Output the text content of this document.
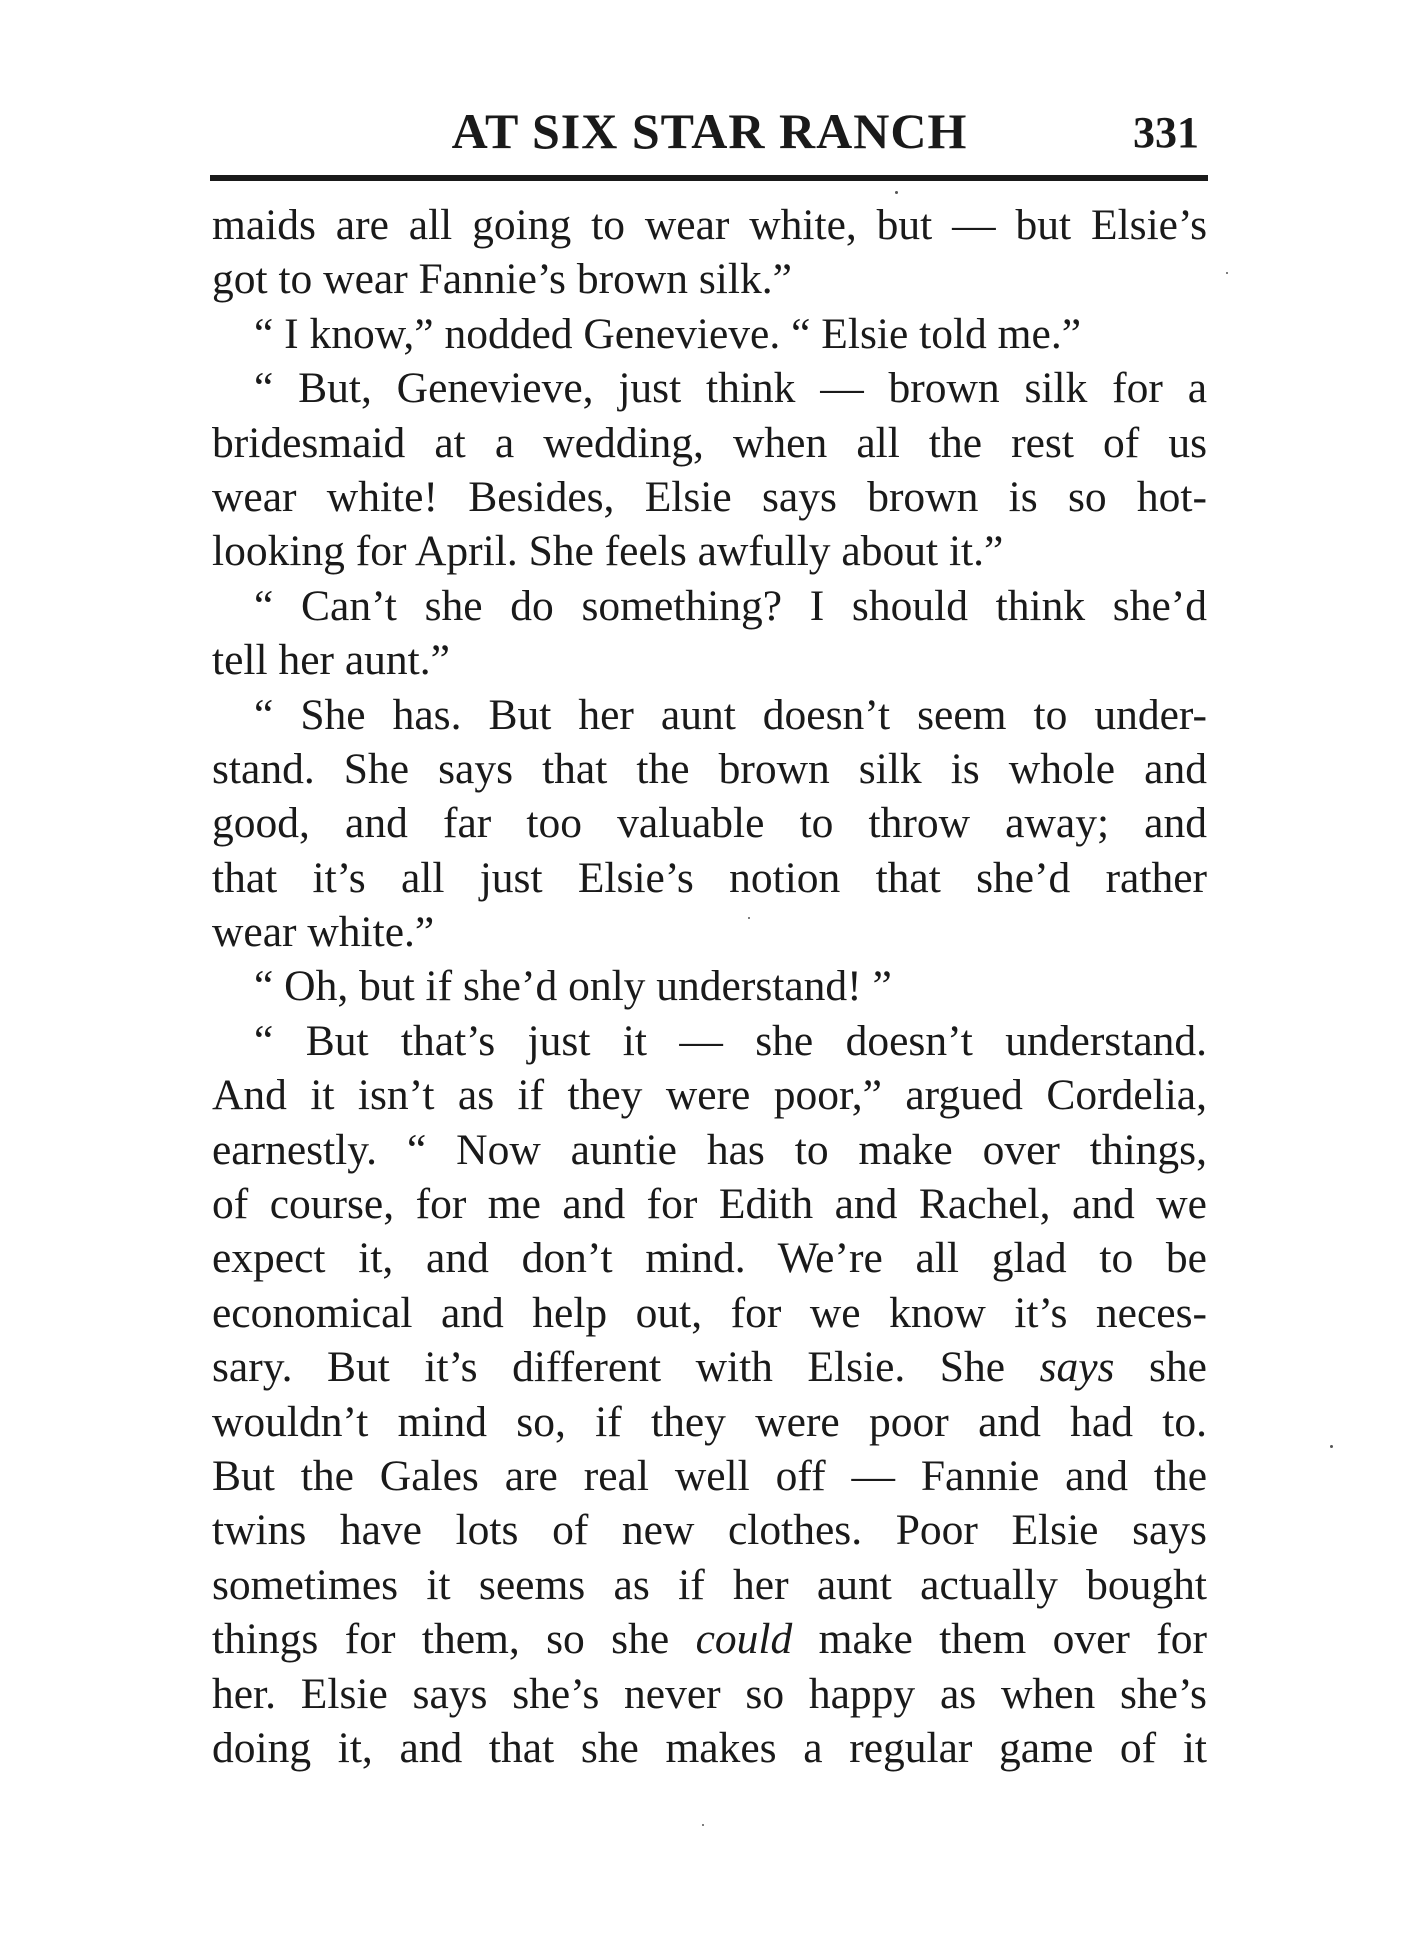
AT SIX STAR RANCH	331
maids are all going to wear white, but — but Elsie’s
got to wear Fannie’s brown silk.”
“ I know,” nodded Genevieve. “ Elsie told me.”
“ But, Genevieve, just think — brown silk for a
bridesmaid at a wedding, when all the rest of us
wear white! Besides, Elsie says brown is so hot-
looking for April. She feels awfully about it.”
“ Can’t she do something? I should think she’d
tell her aunt.”
“ She has. But her aunt doesn’t seem to under-
stand. She says that the brown silk is whole and
good, and far too valuable to throw away; and
that it’s all just Elsie’s notion that she’d rather
wear white.”
“ Oh, but if she’d only understand! ”
“ But that’s just it — she doesn’t understand.
And it isn’t as if they were poor,” argued Cordelia,
earnestly. “ Now auntie has to make over things,
of course, for me and for Edith and Rachel, and we
expect it, and don’t mind. We’re all glad to be
economical and help out, for we know it’s neces-
sary. But it’s different with Elsie. She says she
wouldn’t mind so, if they were poor and had to.
But the Gales are real well off — Fannie and the
twins have lots of new clothes. Poor Elsie says
sometimes it seems as if her aunt actually bought
things for them, so she could make them over for
her. Elsie says she’s never so happy as when she’s
doing it, and that she makes a regular game of it
